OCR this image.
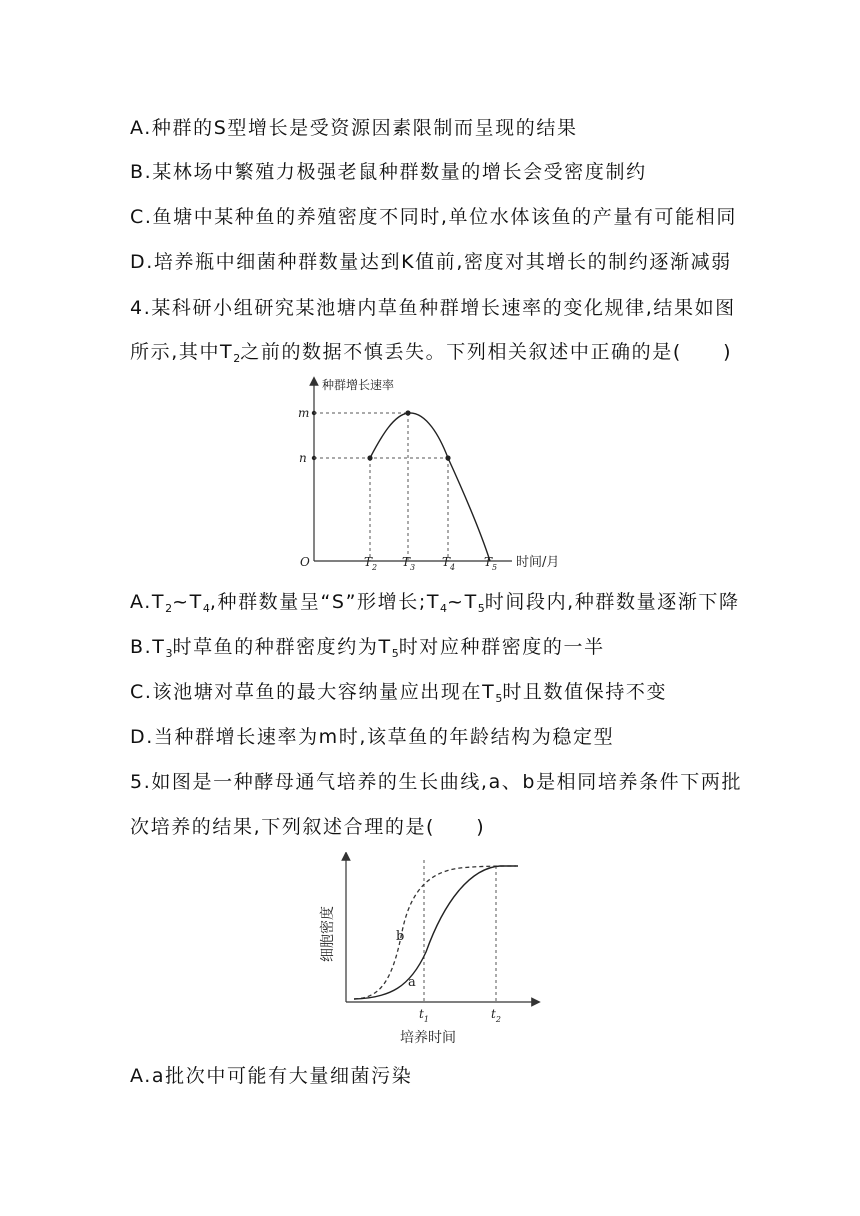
A.种群的S型增长是受资源因素限制而呈现的结果
B.某林场中繁殖力极强老鼠种群数量的增长会受密度制约
C.鱼塘中某种鱼的养殖密度不同时,单位水体该鱼的产量有可能相同
D.培养瓶中细菌种群数量达到K值前,密度对其增长的制约逐渐减弱
4.某科研小组研究某池塘内草鱼种群增长速率的变化规律,结果如图
所示,其中$T_2$之前的数据不慎丢失。下列相关叙述中正确的是(　　)
种群增长速率
时间/月
O
m
n
$T_2$ $T_3$ $T_4$ $T_5$
$A.T_2\sim T_4$,种群数量呈“S”形增长$;T_4\sim T_5$时间段内,种群数量逐渐下降
$B.T_3$时草鱼的种群密度约为$T_5$时对应种群密度的一半
C.该池塘对草鱼的最大容纳量应出现在$T_5$时且数值保持不变
D.当种群增长速率为m时,该草鱼的年龄结构为稳定型
5.如图是一种酵母通气培养的生长曲线,a、b是相同培养条件下两批
次培养的结果,下列叙述合理的是(　　)
细胞密度	b
a
$t_1$	$t_2$
培养时间
A.a批次中可能有大量细菌污染
